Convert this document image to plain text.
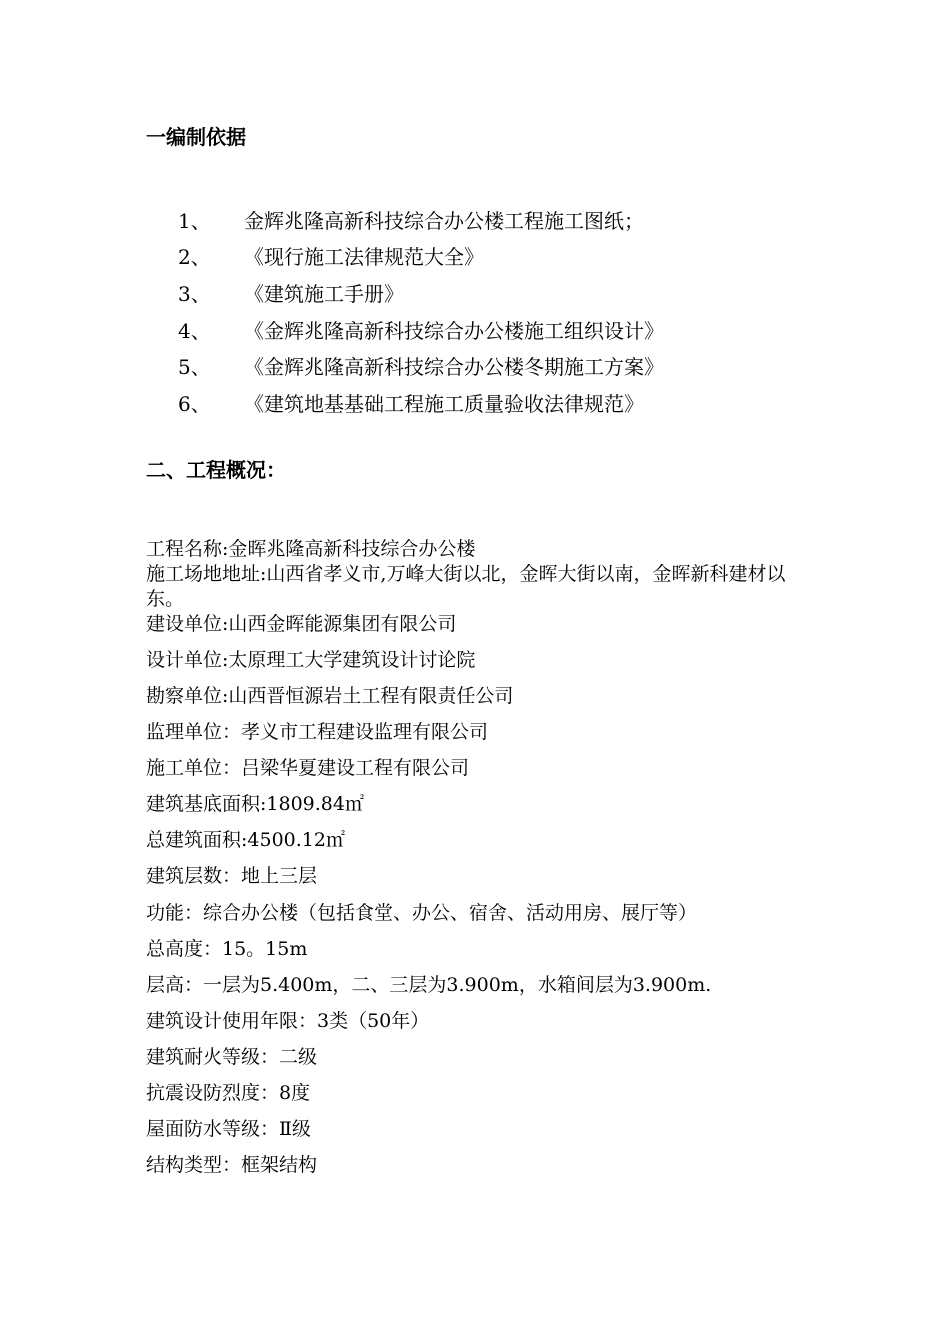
一编制依据
1、 金辉兆隆高新科技综合办公楼工程施工图纸；
2、 《现行施工法律规范大全》
3、 《建筑施工手册》
4、 《金辉兆隆高新科技综合办公楼施工组织设计》
5、 《金辉兆隆高新科技综合办公楼冬期施工方案》
6、 《建筑地基基础工程施工质量验收法律规范》
二、工程概况：
工程名称:金晖兆隆高新科技综合办公楼
施工场地地址:山西省孝义市,万峰大街以北，金晖大街以南，金晖新科建材以东。
建设单位:山西金晖能源集团有限公司
设计单位:太原理工大学建筑设计讨论院
勘察单位:山西晋恒源岩土工程有限责任公司
监理单位：孝义市工程建设监理有限公司
施工单位：吕梁华夏建设工程有限公司
建筑基底面积:1809.84㎡
总建筑面积:4500.12㎡
建筑层数：地上三层
功能：综合办公楼（包括食堂、办公、宿舍、活动用房、展厅等）
总高度：15。15m
层高：一层为5.400m，二、三层为3.900m，水箱间层为3.900m.
建筑设计使用年限：3类（50年）
建筑耐火等级：二级
抗震设防烈度：8度
屋面防水等级：Ⅱ级
结构类型：框架结构
